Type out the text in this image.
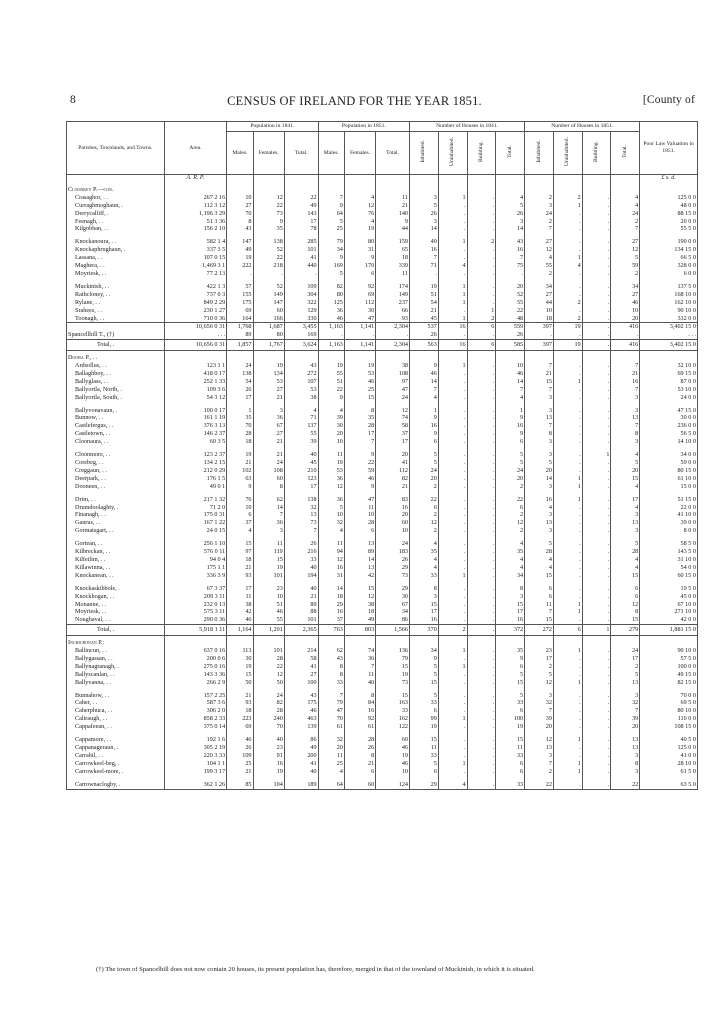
8	CENSUS OF IRELAND FOR THE YEAR 1851.	[County of
Parishes, Townlands, and Towns.	Area.	Population in 1841.			Population in 1851.			Number of Houses in 1841.				Number of Houses in 1851.				Poor Law Valuation in 1851.
		Males.	Females.	Total.	Males.	Females.	Total.	Inhabited.	Uninhabited.	Building.	Total.	Inhabited.	Uninhabited.	Building.	Total.	
	A. R. P.															£ s. d.
Cloonkey P.—con.																
Crasaghor, . .	267 2 16	10	12	22	7	4	11	3	1	.	4	2	2	.	4	125 0 0
Curraghmoghaun, .	112 3 12	27	22	49	9	12	21	5	.	.	5	3	1	.	4	48 0 0
Derrycalliff, .	1,196 3 29	70	73	143	64	76	140	26	.	.	26	24	.	.	24	88 15 0
Feenagh, . .	51 3 36	8	9	17	5	4	9	3	.	.	3	2	.	.	2	20 0 0
Kilgobban, . .	156 2 10	43	35	78	25	19	44	14	.	.	14	7	.	.	7	55 5 0

Knockanoura, . .	582 1 4	147	138	285	79	80	159	40	1	2	43	27	.	.	27	190 0 0
Knockaphrughaun, .	337 3 5	49	52	101	34	31	65	16	.	.	16	12	.	.	12	134 15 0
Lassana, . .	107 0 15	19	22	41	9	9	18	7	.	.	7	4	1	.	5	66 5 0
Maghera, . .	1,469 3 1	222	218	440	169	170	339	71	4	.	75	55	4	.	59	328 0 0
Moyriesk, . .	77 2 13	.	.	.	5	6	11	.	.	.	.	2	.	.	2	6 0 0

Muckinish, . .	422 1 3	57	52	109	82	92	174	19	1	.	20	34	.	.	34	137 5 0
Rathcloney, . .	737 0 3	155	149	304	80	69	149	51	1	.	52	27	.	.	27	168 10 0
Rylane, . .	849 2 29	175	147	322	125	112	237	54	1	.	55	44	2	.	46	162 10 0
Srahees, . .	230 1 27	69	60	129	36	30	66	21	.	1	22	10	.	.	10	90 10 0
Toonagh, . .	710 0 36	164	166	330	46	47	93	45	1	2	48	18	2	.	20	332 0 0
	10,656 0 31	1,768	1,687	3,455	1,163	1,141	2,304	537	16	6	559	397	19	.	416	3,402 15 0
Spancellhill T., (†)	. . .	89	80	169	.	.	.	26	.	.	26	.	.	.	.	. . .
Total, .	10,656 0 31	1,857	1,767	3,624	1,163	1,141	2,304	563	16	6	585	397	19	.	416	3,402 15 0
Doora P., . .																
Ardsollus, . .	123 1 1	24	19	43	19	19	38	9	1	.	10	7	.	.	7	32 10 0
Ballaghboy, . .	418 0 17	138	134	272	55	53	108	46	.	.	46	21	.	.	21	69 15 0
Ballyglass, . .	252 1 33	54	53	107	51	46	97	14	.	.	14	15	1	.	16	87 0 0
Ballyortla, North, .	109 3 6	26	27	53	22	25	47	7	.	.	7	7	.	.	7	53 10 0
Ballyortla, South, .	54 3 12	17	21	38	9	15	24	4	.	.	4	3	.	.	3	24 0 0

Ballyvonavaun, .	100 0 17	1	3	4	4	8	12	1	.	.	1	3	.	.	3	47 15 0
Bunnow, . .	161 1 19	35	36	71	39	35	74	9	.	.	9	13	.	.	13	30 0 0
Castlefergus, . .	376 3 13	70	67	137	30	28	58	16	.	.	16	7	.	.	7	236 0 0
Castletown, . .	146 2 37	28	27	55	20	17	37	9	.	.	9	8	.	.	8	56 5 0
Cloonaura, . .	60 3 5	18	21	39	10	7	17	6	.	.	6	3	.	.	3	14 10 0

Cloonmore, . .	123 2 37	19	21	40	11	9	20	5	.	.	5	3	.	1	4	34 0 0
Corebeg, . .	134 2 15	21	24	45	19	22	41	5	.	.	5	5	.	.	5	59 0 0
Creggaun, . .	212 0 29	102	108	210	53	59	112	24	.	.	24	20	.	.	20	80 15 0
Deerpark, . .	176 1 5	63	60	123	36	46	82	20	.	.	20	14	1	.	15	61 10 0
Dooneen, . .	49 0 1	9	8	17	12	9	21	2	.	.	2	3	1	.	4	15 0 0

Drim, . .	217 1 32	76	62	138	36	47	83	22	.	.	22	16	1	.	17	51 15 0
Drumdoolaghty, .	71 2 0	10	14	32	5	11	16	6	.	.	6	4	.	.	4	22 0 0
Finanagh, . .	175 0 31	6	7	13	10	10	20	2	.	.	2	3	.	.	3	41 10 0
Gaurus, . .	167 1 22	37	36	73	32	28	60	12	.	.	12	13	.	.	13	39 0 0
Gormatsgart, . .	24 0 15	4	3	7	4	6	10	2	.	.	2	3	.	.	3	8 0 0

Gortean, . .	256 1 10	15	11	26	11	13	24	4	.	.	4	5	.	.	5	58 5 0
Kilbreckan, . .	576 0 11	97	119	216	94	89	183	35	.	.	35	28	.	.	28	143 5 0
Kilfeilim, . .	94 0 4	18	15	33	12	14	26	4	.	.	4	4	.	.	4	31 10 0
Killawinna, . .	175 1 1	21	19	40	16	13	29	4	.	.	4	4	.	.	4	54 0 0
Knockanean, . .	336 3 9	93	101	194	31	42	73	33	1	.	34	15	.	.	15	60 15 0

Knockaskibbole, .	67 3 37	17	23	40	14	15	29	8	.	.	8	6	.	.	6	19 5 0
Knockhogan, . .	209 3 11	11	10	21	18	12	30	3	.	.	3	6	.	.	6	45 0 0
Monanne, . .	232 0 13	38	51	89	29	38	67	15	.	.	15	11	1	.	12	67 10 0
Moyriesk, . .	575 3 11	42	46	88	16	18	34	17	.	.	17	7	1	.	8	271 10 0
Noughaval, . .	290 0 36	46	55	101	37	49	86	16	.	.	16	15	.	.	15	42 0 0
Total, .	5,918 1 11	1,164	1,201	2,365	763	803	1,566	370	2	.	372	272	6	1	279	1,881 15 0
Inchicronan P.:																
Ballincun, . .	637 0 16	113	101	214	62	74	136	34	1	.	35	23	1	.	24	90 10 0
Ballygassan, . .	200 0 6	30	28	58	43	36	79	9	.	.	9	17	.	.	17	57 5 0
Ballynagranagh, .	275 0 16	19	22	41	8	7	15	5	1	.	6	2	.	.	2	100 0 0
Ballyscanlan, . .	143 3 36	15	12	27	8	11	19	5	.	.	5	5	.	.	5	49 15 0
Ballyvanna, . .	266 2 9	50	50	100	33	40	73	15	.	.	15	12	1	.	13	82 15 0

Bunnahow, . .	157 2 25	21	24	43	7	8	15	5	.	.	5	3	.	.	3	70 0 0
Caher, . .	587 3 6	93	82	175	79	84	163	33	.	.	33	32	.	.	32	69 5 0
Caherphuca, . .	306 2 0	18	28	46	47	16	33	6	.	.	6	7	.	.	7	80 10 0
Caltraugh, . .	858 2 33	223	240	463	70	92	162	99	1	.	100	39	.	.	39	110 0 0
Cappafeean, . .	375 0 14	69	70	139	61	61	122	19	.	.	19	20	.	.	20	108 15 0

Cappamore, . .	192 1 6	46	40	86	32	28	60	15	.	.	15	12	1	.	13	40 5 0
Cappanageraun, .	305 2 19	26	23	49	20	26	46	11	.	.	11	13	.	.	13	125 0 0
Carrahil, . .	220 3 33	109	91	200	11	8	19	33	.	.	33	3	.	.	3	41 0 0
Carrowkeel-beg, .	104 1 1	25	16	41	25	21	46	5	1	.	6	7	1	.	8	28 10 0
Carrowkeel-more, .	199 3 17	21	19	40	4	6	10	6	.	.	6	2	1	.	3	61 5 0

Carrownaclogby, .	362 1 26	85	104	189	64	60	124	29	4	.	33	22	.	.	22	63 5 0
(†) The town of Spancelhill does not now contain 20 houses, its present population has, therefore, merged in that of the townland of Muckinish, in which it is situated.
